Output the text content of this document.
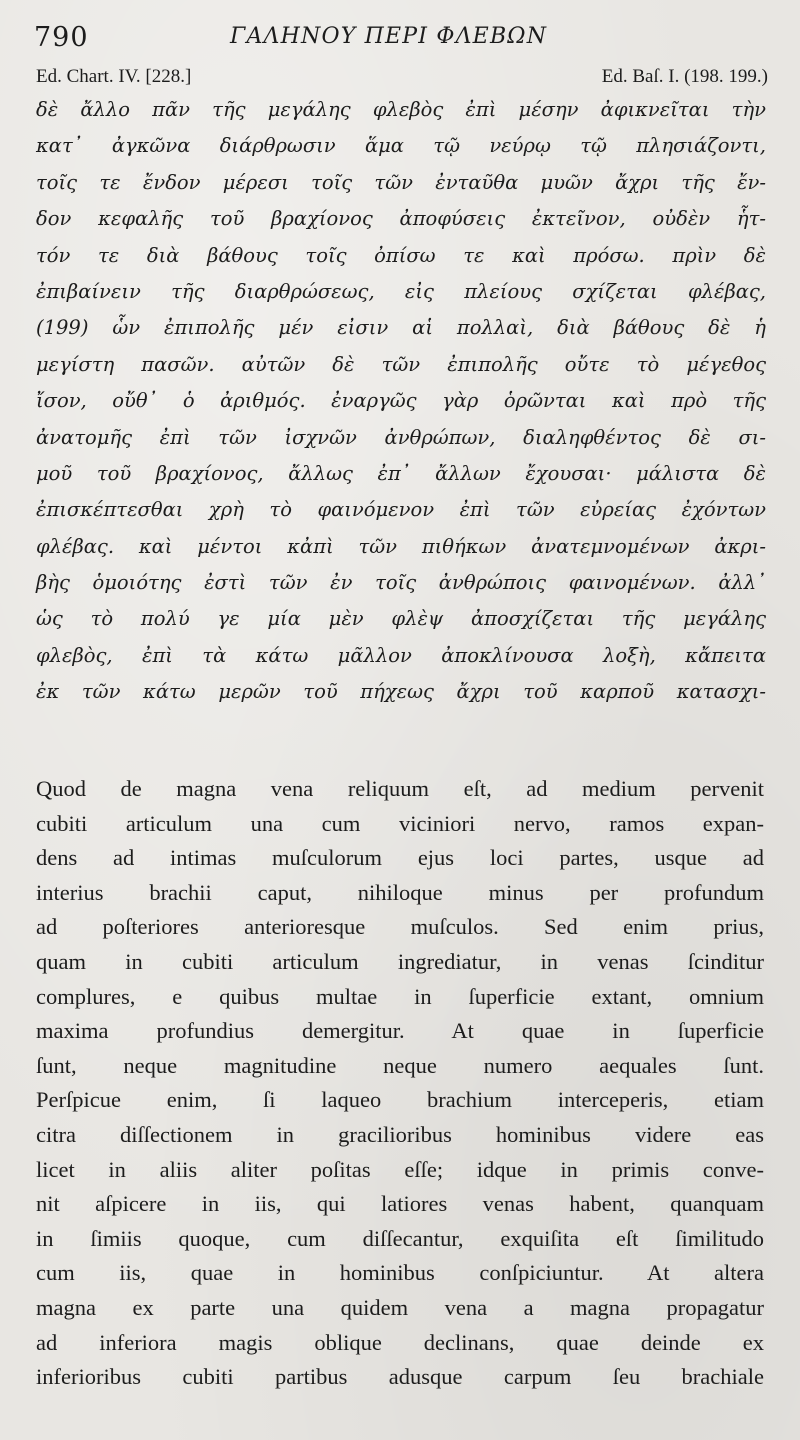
790	ΓΑΛΗΝΟΥ ΠΕΡΙ ΦΛΕΒΩΝ
Ed. Chart. IV. [228.]	Ed. Baſ. I. (198. 199.)
δὲ ἄλλο πᾶν τῆς μεγάλης φλεβὸς ἐπὶ μέσην ἀφικνεῖται τὴν
κατ᾽ ἀγκῶνα διάρθρωσιν ἅμα τῷ νεύρῳ τῷ πλησιάζοντι,
τοῖς τε ἔνδον μέρεσι τοῖς τῶν ἐνταῦθα μυῶν ἄχρι τῆς ἔν-
δον κεφαλῆς τοῦ βραχίονος ἀποφύσεις ἐκτεῖνον, οὐδὲν ἧτ-
τόν τε διὰ βάθους τοῖς ὀπίσω τε καὶ πρόσω. πρὶν δὲ
ἐπιβαίνειν τῆς διαρθρώσεως, εἰς πλείους σχίζεται φλέβας,
(199) ὧν ἐπιπολῆς μέν εἰσιν αἱ πολλαὶ, διὰ βάθους δὲ ἡ
μεγίστη πασῶν. αὐτῶν δὲ τῶν ἐπιπολῆς οὔτε τὸ μέγεθος
ἴσον, οὔθ᾽ ὁ ἀριθμός. ἐναργῶς γὰρ ὁρῶνται καὶ πρὸ τῆς
ἀνατομῆς ἐπὶ τῶν ἰσχνῶν ἀνθρώπων, διαληφθέντος δὲ σι-
μοῦ τοῦ βραχίονος, ἄλλως ἐπ᾽ ἄλλων ἔχουσαι· μάλιστα δὲ
ἐπισκέπτεσθαι χρὴ τὸ φαινόμενον ἐπὶ τῶν εὐρείας ἐχόντων
φλέβας. καὶ μέντοι κἀπὶ τῶν πιθήκων ἀνατεμνομένων ἀκρι-
βὴς ὁμοιότης ἐστὶ τῶν ἐν τοῖς ἀνθρώποις φαινομένων. ἀλλ᾽
ὡς τὸ πολύ γε μία μὲν φλὲψ ἀποσχίζεται τῆς μεγάλης
φλεβὸς, ἐπὶ τὰ κάτω μᾶλλον ἀποκλίνουσα λοξὴ, κἄπειτα
ἐκ τῶν κάτω μερῶν τοῦ πήχεως ἄχρι τοῦ καρποῦ κατασχι-
Quod de magna vena reliquum eſt, ad medium pervenit
cubiti articulum una cum viciniori nervo, ramos expan-
dens ad intimas muſculorum ejus loci partes, usque ad
interius brachii caput, nihiloque minus per profundum
ad poſteriores anterioresque muſculos. Sed enim prius,
quam in cubiti articulum ingrediatur, in venas ſcinditur
complures, e quibus multae in ſuperficie extant, omnium
maxima profundius demergitur. At quae in ſuperficie
ſunt, neque magnitudine neque numero aequales ſunt.
Perſpicue enim, ſi laqueo brachium interceperis, etiam
citra diſſectionem in gracilioribus hominibus videre eas
licet in aliis aliter poſitas eſſe; idque in primis conve-
nit aſpicere in iis, qui latiores venas habent, quanquam
in ſimiis quoque, cum diſſecantur, exquiſita eſt ſimilitudo
cum iis, quae in hominibus conſpiciuntur. At altera
magna ex parte una quidem vena a magna propagatur
ad inferiora magis oblique declinans, quae deinde ex
inferioribus cubiti partibus adusque carpum ſeu brachiale
